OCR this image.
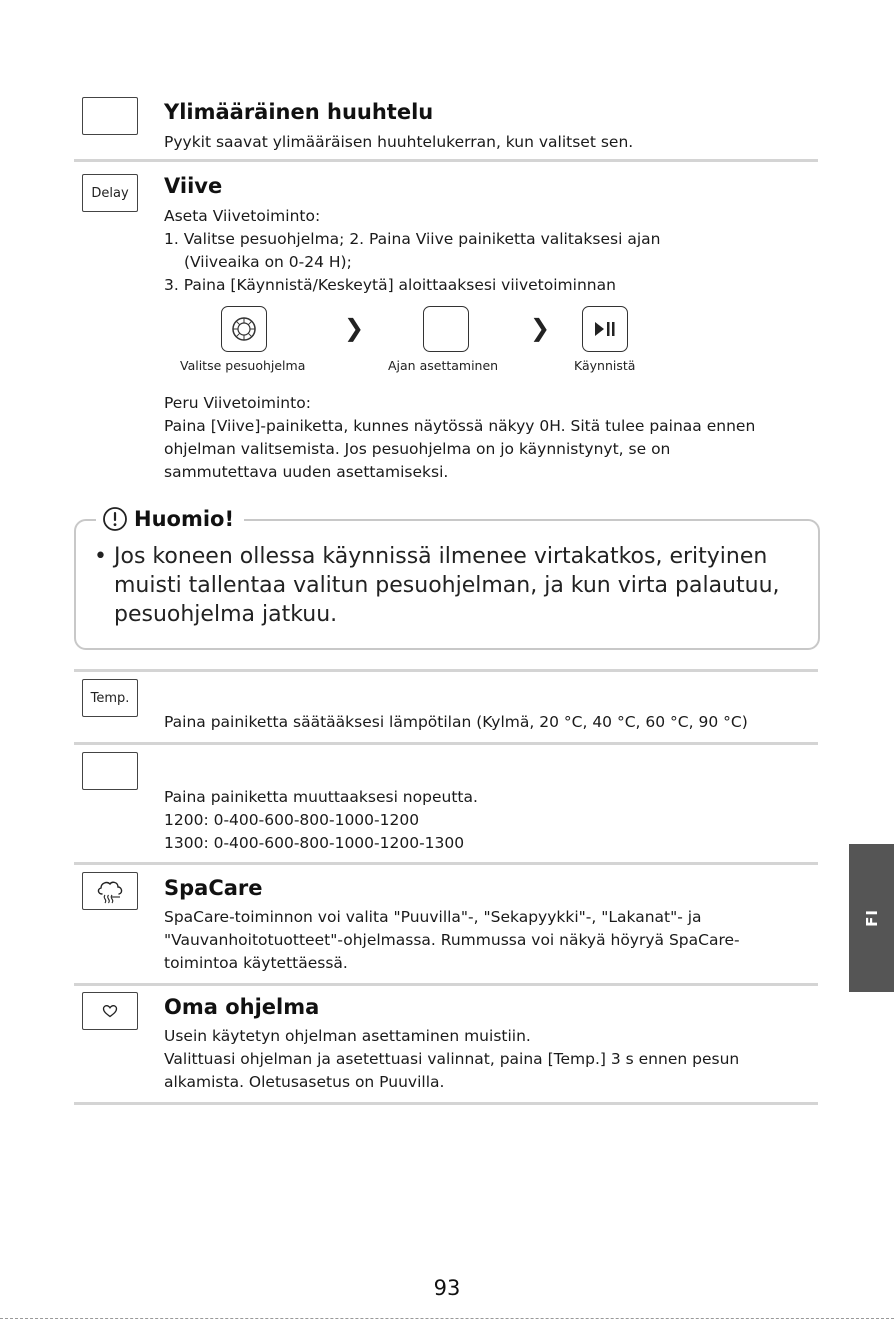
Ylimääräinen huuhtelu
Pyykit saavat ylimääräisen huuhtelukerran, kun valitset sen.
Delay	Viive
Aseta Viivetoiminto:
1. Valitse pesuohjelma; 2. Paina Viive painiketta valitaksesi ajan
(Viiveaika on 0-24 H);
3. Paina [Käynnistä/Keskeytä] aloittaaksesi viivetoiminnan
❯	❯
Valitse pesuohjelma	Ajan asettaminen	Käynnistä
Peru Viivetoiminto:
Paina [Viive]-painiketta, kunnes näytössä näkyy 0H. Sitä tulee painaa ennen
ohjelman valitsemista. Jos pesuohjelma on jo käynnistynyt, se on
sammutettava uuden asettamiseksi.
Huomio!
• Jos koneen ollessa käynnissä ilmenee virtakatkos, erityinen muisti tallentaa valitun pesuohjelman, ja kun virta palautuu, pesuohjelma jatkuu.
Temp.
Paina painiketta säätääksesi lämpötilan (Kylmä, 20 °C, 40 °C, 60 °C, 90 °C)
Paina painiketta muuttaaksesi nopeutta.
1200: 0-400-600-800-1000-1200
1300: 0-400-600-800-1000-1200-1300
SpaCare
SpaCare-toiminnon voi valita "Puuvilla"-, "Sekapyykki"-, "Lakanat"- ja
"Vauvanhoitotuotteet"-ohjelmassa. Rummussa voi näkyä höyryä SpaCare-
toimintoa käytettäessä.
Oma ohjelma
Usein käytetyn ohjelman asettaminen muistiin.
Valittuasi ohjelman ja asetettuasi valinnat, paina [Temp.] 3 s ennen pesun
alkamista. Oletusasetus on Puuvilla.
FI
93
